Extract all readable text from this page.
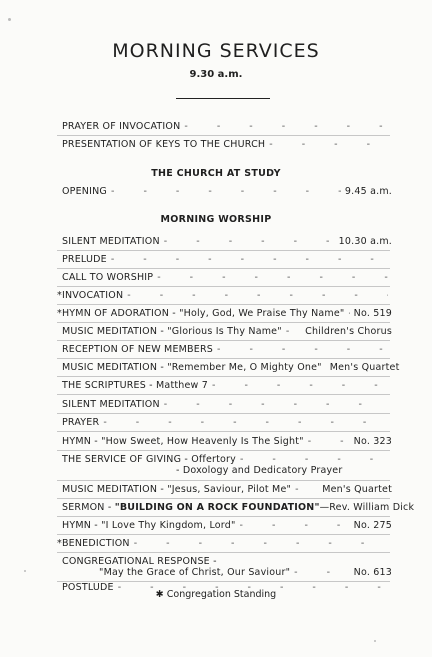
MORNING SERVICES
9.30 a.m.
PRAYER OF INVOCATION
- - -
PRESENTATION OF KEYS TO THE CHURCH
- - -
THE CHURCH AT STUDY
OPENING - - -	9.45 a.m.
MORNING WORSHIP
SILENT MEDITATION - - -	10.30 a.m.
PRELUDE
- - -
CALL TO WORSHIP
- - -
*INVOCATION
- - -
*HYMN OF ADORATION - "Holy, God, We Praise Thy Name" - - - No. 519
MUSIC MEDITATION - "Glorious Is Thy Name" - - - Children's Chorus
RECEPTION OF NEW MEMBERS
- - -
MUSIC MEDITATION - "Remember Me, O Mighty One" Men's Quartet
THE SCRIPTURES - Matthew 7
- - -
SILENT MEDITATION
- - -
PRAYER
- - -
HYMN - "How Sweet, How Heavenly Is The Sight" - - -	No. 323
THE SERVICE OF GIVING - Offertory
- - -
- Doxology and Dedicatory Prayer
MUSIC MEDITATION - "Jesus, Saviour, Pilot Me" - - -	Men's Quartet
SERMON - "BUILDING ON A ROCK FOUNDATION" —Rev. William Dick
HYMN - "I Love Thy Kingdom, Lord" - - -	No. 275
*BENEDICTION
- - -
CONGREGATIONAL RESPONSE -
"May the Grace of Christ, Our Saviour" - - -	No. 613
POSTLUDE
- - -
✱ Congregation Standing
